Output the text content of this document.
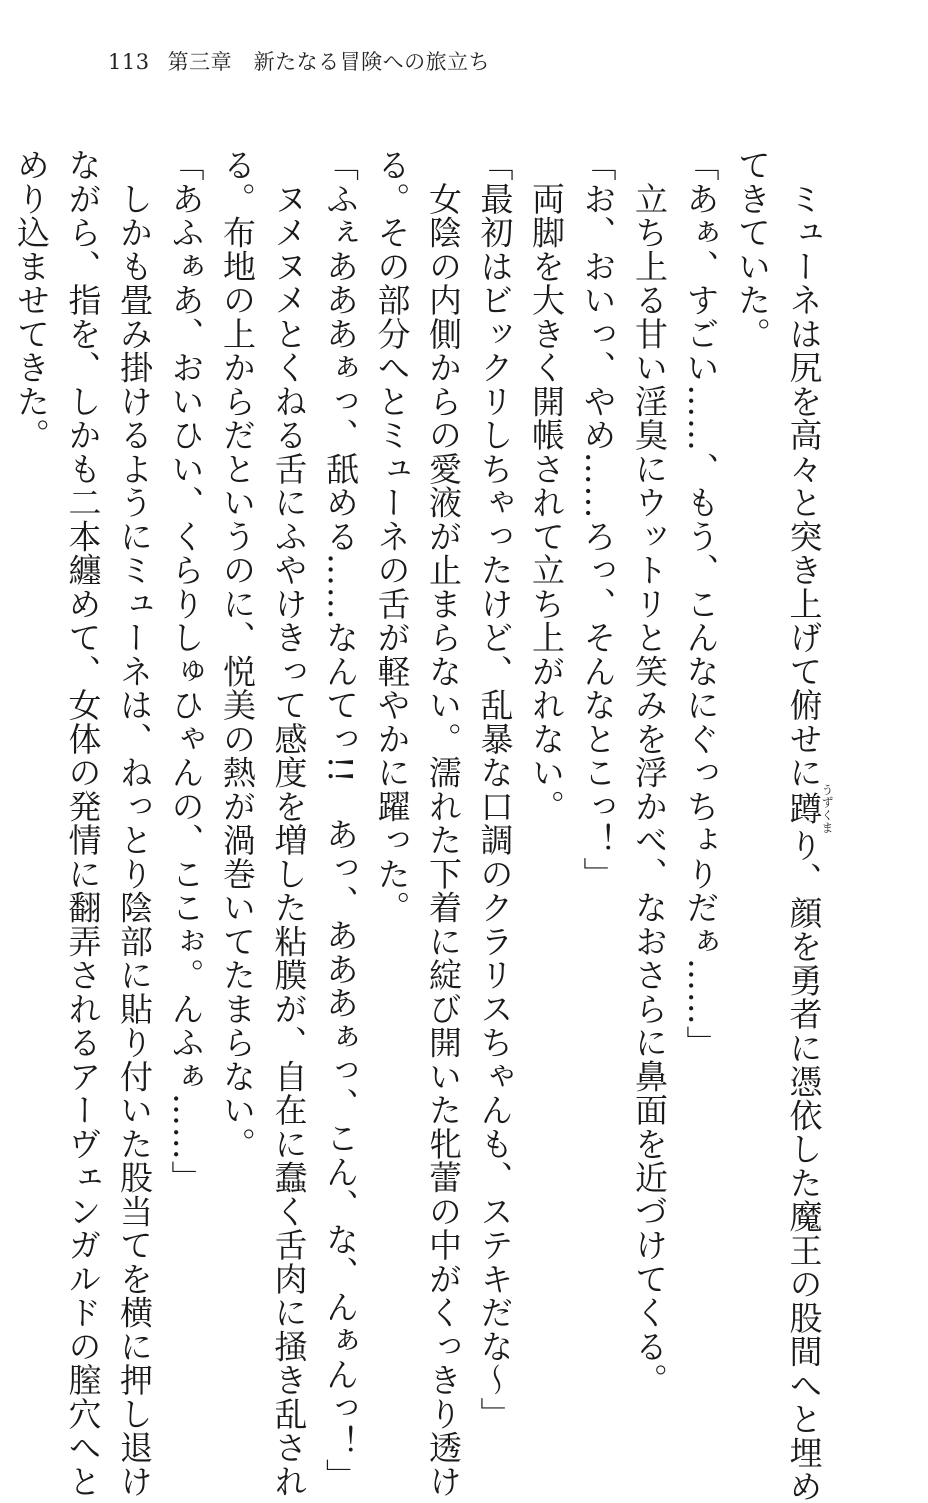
113 第三章　新たなる冒険への旅立ち

　ミューネは尻を高々と突き上げて俯せに蹲うずくまり、顔を勇者に憑依した魔王の股間へと埋め

てきていた。

「あぁ、すごい……、もう、こんなにぐっちょりだぁ……」

　立ち上る甘い淫臭にウットリと笑みを浮かべ、なおさらに鼻面を近づけてくる。

「お、おいっ、やめ……ろっ、そんなとこっ！」

　両脚を大きく開帳されて立ち上がれない。

「最初はビックリしちゃったけど、乱暴な口調のクラリスちゃんも、ステキだな～」

　女陰の内側からの愛液が止まらない。濡れた下着に綻び開いた牝蕾の中がくっきり透け

る。その部分へとミューネの舌が軽やかに躍った。

「ふぇあああぁっ、舐める……なんてっ!!　あっ、あああぁっ、こん、な、んぁんっ！」

　ヌメヌメとくねる舌にふやけきって感度を増した粘膜が、自在に蠢く舌肉に掻き乱され

る。布地の上からだというのに、悦美の熱が渦巻いてたまらない。

「あふぁあ、おいひい、くらりしゅひゃんの、ここぉ。んふぁ……」

　しかも畳み掛けるようにミューネは、ねっとり陰部に貼り付いた股当てを横に押し退け

ながら、指を、しかも二本纏めて、女体の発情に翻弄されるアーヴェンガルドの膣穴へと

めり込ませてきた。
